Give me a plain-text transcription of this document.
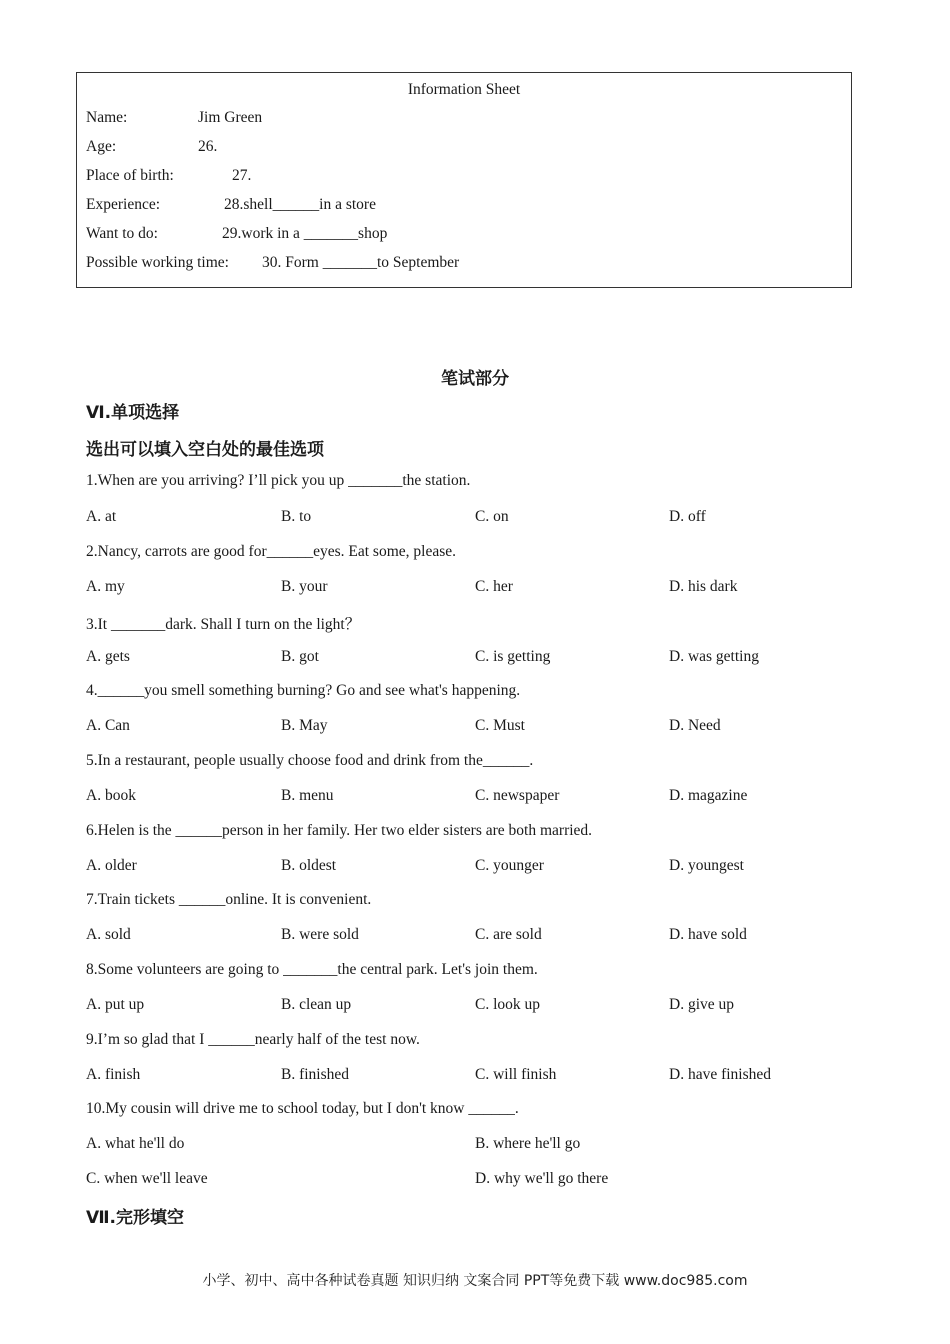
Information Sheet
Name:	Jim Green
Age:	26.
Place of birth:	27.
Experience:	28.shell______in a store
Want to do:	29.work in a _______shop
Possible working time: 30. Form _______to September
笔试部分
Ⅵ.单项选择
选出可以填入空白处的最佳选项
1.When are you arriving? I’ll pick you up _______the station.
A. at	B. to	C. on	D. off
2.Nancy, carrots are good for______eyes. Eat some, please.
A. my	B. your	C. her	D. his dark
3.It _______dark. Shall I turn on the light？
A. gets	B. got	C. is getting	D. was getting
4.______you smell something burning? Go and see what's happening.
A. Can	B. May	C. Must	D. Need
5.In a restaurant, people usually choose food and drink from the______.
A. book	B. menu	C. newspaper	D. magazine
6.Helen is the ______person in her family. Her two elder sisters are both married.
A. older	B. oldest	C. younger	D. youngest
7.Train tickets ______online. It is convenient.
A. sold	B. were sold	C. are sold	D. have sold
8.Some volunteers are going to _______the central park. Let's join them.
A. put up	B. clean up	C. look up	D. give up
9.I’m so glad that I ______nearly half of the test now.
A. finish	B. finished	C. will finish	D. have finished
10.My cousin will drive me to school today, but I don't know ______.
A. what he'll do	B. where he'll go
C. when we'll leave	D. why we'll go there
Ⅶ.完形填空
小学、初中、高中各种试卷真题 知识归纳 文案合同 PPT等免费下载 www.doc985.com
